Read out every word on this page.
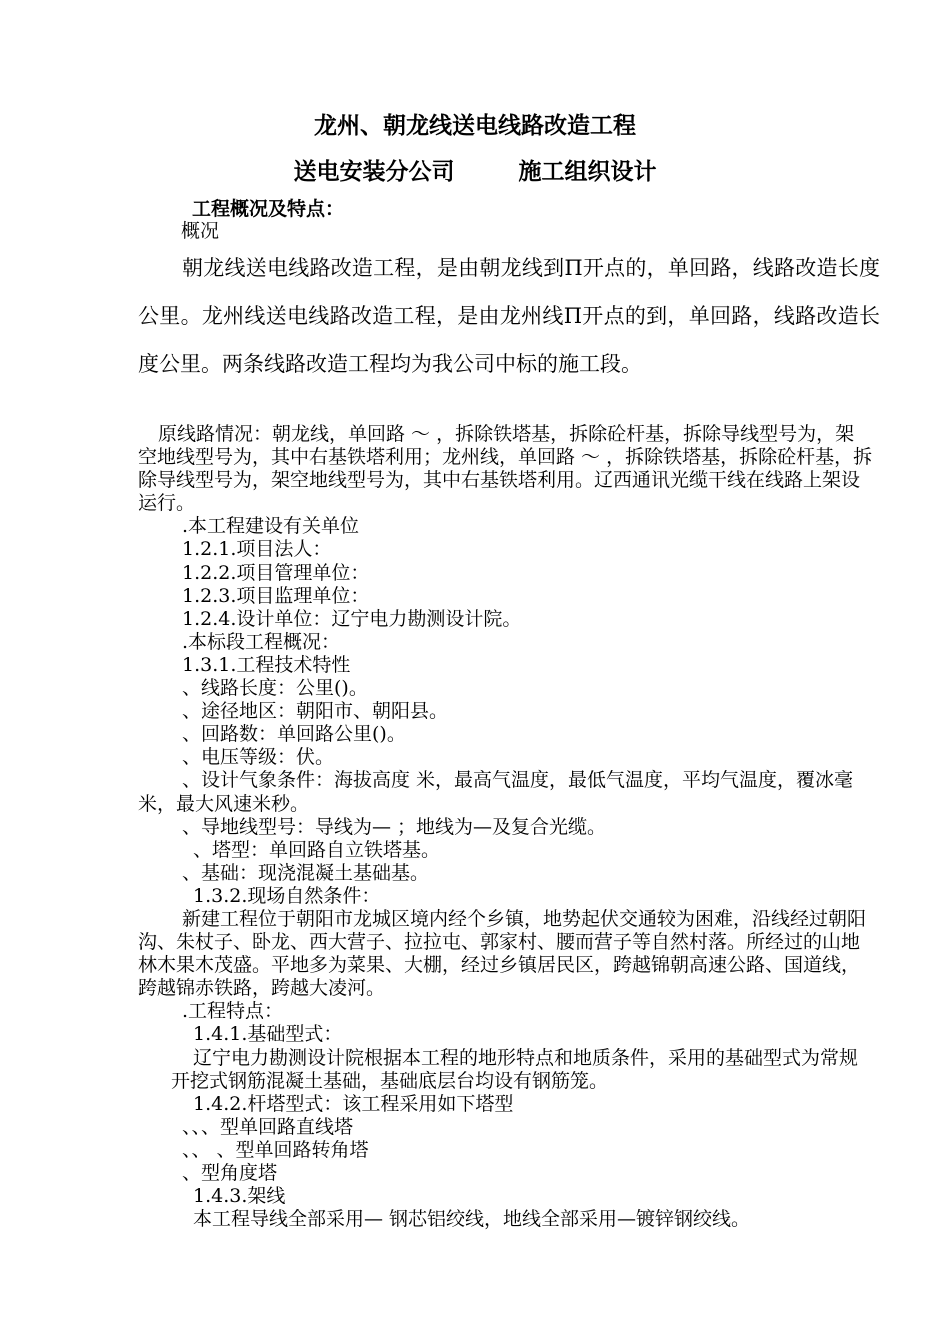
龙州、朝龙线送电线路改造工程
送电安装分公司        施工组织设计
工程概况及特点：
概况
朝龙线送电线路改造工程，是由朝龙线到Π开点的，单回路，线路改造长度公里。龙州线送电线路改造工程，是由龙州线Π开点的到，单回路，线路改造长度公里。两条线路改造工程均为我公司中标的施工段。

原线路情况：朝龙线，单回路 ～ ，拆除铁塔基，拆除砼杆基，拆除导线型号为，架空地线型号为，其中右基铁塔利用；龙州线，单回路 ～ ，拆除铁塔基，拆除砼杆基，拆除导线型号为，架空地线型号为，其中右基铁塔利用。辽西通讯光缆干线在线路上架设运行。

.本工程建设有关单位

1.2.1.项目法人：

1.2.2.项目管理单位：

1.2.3.项目监理单位：

1.2.4.设计单位：辽宁电力勘测设计院。

.本标段工程概况：

1.3.1.工程技术特性

、线路长度：公里()。

、途径地区：朝阳市、朝阳县。

、回路数：单回路公里()。

、电压等级：伏。

、设计气象条件：海拔高度 米，最高气温度，最低气温度，平均气温度，覆冰毫米，最大风速米秒。

、导地线型号：导线为— ；地线为—及复合光缆。

、塔型：单回路自立铁塔基。

、基础：现浇混凝土基础基。

1.3.2.现场自然条件：

新建工程位于朝阳市龙城区境内经个乡镇，地势起伏交通较为困难，沿线经过朝阳沟、朱杖子、卧龙、西大营子、拉拉屯、郭家村、腰而营子等自然村落。所经过的山地林木果木茂盛。平地多为菜果、大棚，经过乡镇居民区，跨越锦朝高速公路、国道线，跨越锦赤铁路，跨越大凌河。

.工程特点：

1.4.1.基础型式：

辽宁电力勘测设计院根据本工程的地形特点和地质条件，采用的基础型式为常规开挖式钢筋混凝土基础，基础底层台均设有钢筋笼。

1.4.2.杆塔型式：该工程采用如下塔型

、、、型单回路直线塔

、、 、型单回路转角塔

、型角度塔

1.4.3.架线

本工程导线全部采用— 钢芯铝绞线，地线全部采用—镀锌钢绞线。
